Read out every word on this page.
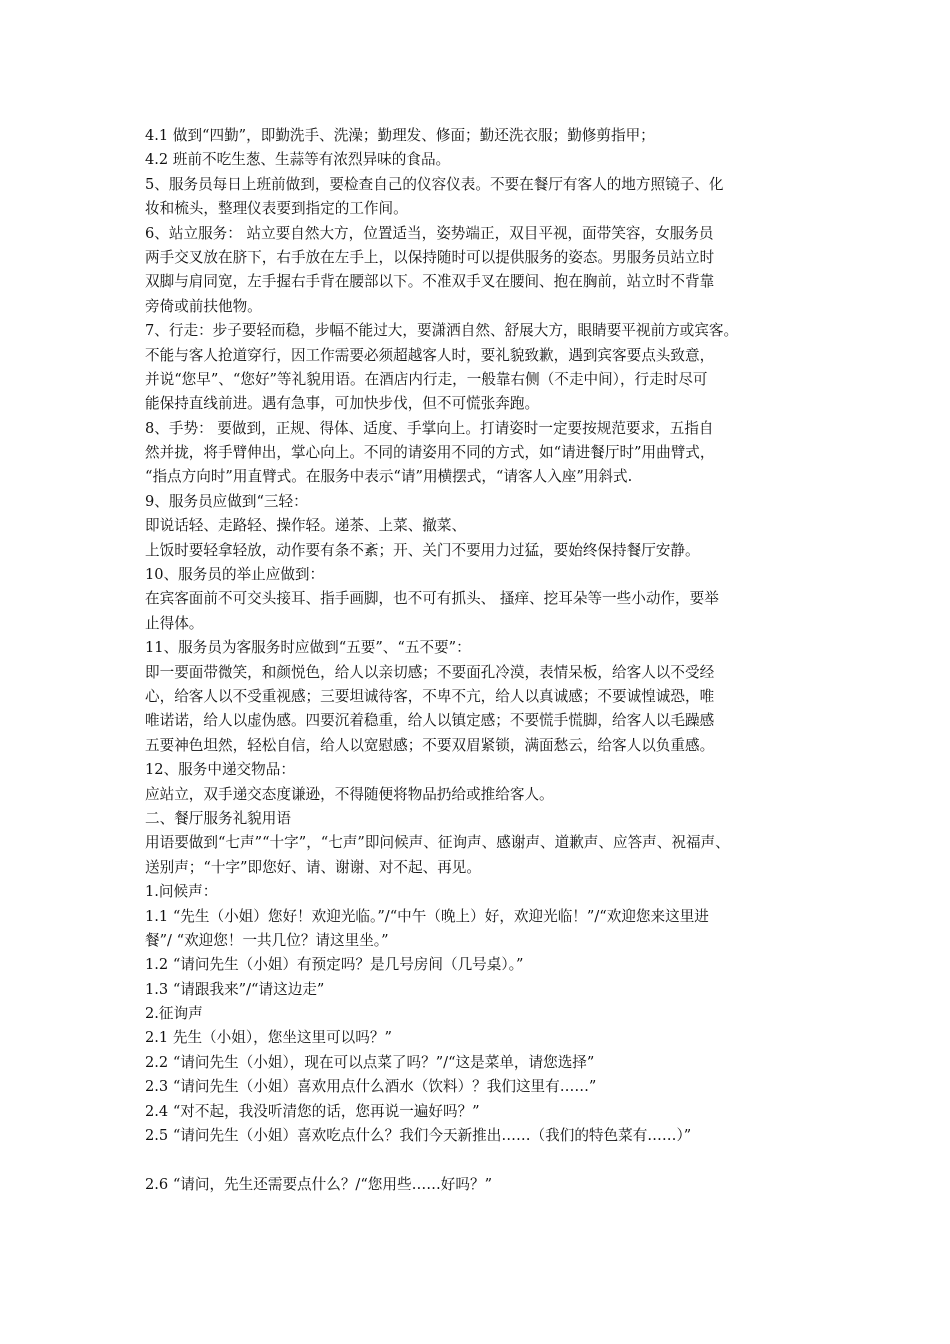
4.1 做到“四勤”，即勤洗手、洗澡；勤理发、修面；勤还洗衣服；勤修剪指甲；
4.2 班前不吃生葱、生蒜等有浓烈异味的食品。
5、服务员每日上班前做到，要检查自己的仪容仪表。不要在餐厅有客人的地方照镜子、化
妆和梳头，整理仪表要到指定的工作间。
6、站立服务： 站立要自然大方，位置适当，姿势端正，双目平视，面带笑容，女服务员
两手交叉放在脐下，右手放在左手上，以保持随时可以提供服务的姿态。男服务员站立时
双脚与肩同宽，左手握右手背在腰部以下。不准双手叉在腰间、抱在胸前，站立时不背靠
旁倚或前扶他物。
7、行走：步子要轻而稳，步幅不能过大，要潇洒自然、舒展大方，眼睛要平视前方或宾客。
不能与客人抢道穿行，因工作需要必须超越客人时，要礼貌致歉，遇到宾客要点头致意，
并说“您早”、“您好”等礼貌用语。在酒店内行走，一般靠右侧（不走中间），行走时尽可
能保持直线前进。遇有急事，可加快步伐，但不可慌张奔跑。
8、手势： 要做到，正规、得体、适度、手掌向上。打请姿时一定要按规范要求，五指自
然并拢，将手臂伸出，掌心向上。不同的请姿用不同的方式，如“请进餐厅时”用曲臂式，
“指点方向时”用直臂式。在服务中表示“请”用横摆式，“请客人入座”用斜式.
9、服务员应做到“三轻：
即说话轻、走路轻、操作轻。递茶、上菜、撤菜、
上饭时要轻拿轻放，动作要有条不紊；开、关门不要用力过猛，要始终保持餐厅安静。
10、服务员的举止应做到：
在宾客面前不可交头接耳、指手画脚，也不可有抓头、 搔痒、挖耳朵等一些小动作，要举
止得体。
11、服务员为客服务时应做到“五要”、“五不要”：
即一要面带微笑，和颜悦色，给人以亲切感；不要面孔冷漠，表情呆板，给客人以不受经
心，给客人以不受重视感；三要坦诚待客，不卑不亢，给人以真诚感；不要诚惶诚恐，唯
唯诺诺，给人以虚伪感。四要沉着稳重，给人以镇定感；不要慌手慌脚，给客人以毛躁感
五要神色坦然，轻松自信，给人以宽慰感；不要双眉紧锁，满面愁云，给客人以负重感。
12、服务中递交物品：
应站立，双手递交态度谦逊，不得随便将物品扔给或推给客人。
二、餐厅服务礼貌用语
用语要做到“七声”“十字”，“七声”即问候声、征询声、感谢声、道歉声、应答声、祝福声、
送别声；“十字”即您好、请、谢谢、对不起、再见。
1.问候声：
1.1 “先生（小姐）您好！欢迎光临。”/“中午（晚上）好，欢迎光临！”/“欢迎您来这里进
餐”/ “欢迎您！一共几位？请这里坐。”
1.2 “请问先生（小姐）有预定吗？是几号房间（几号桌）。”
1.3 “请跟我来”/“请这边走”
2.征询声
2.1 先生（小姐），您坐这里可以吗？”
2.2 “请问先生（小姐），现在可以点菜了吗？”/“这是菜单，请您选择”
2.3 “请问先生（小姐）喜欢用点什么酒水（饮料）？我们这里有……”
2.4 “对不起，我没听清您的话，您再说一遍好吗？”
2.5 “请问先生（小姐）喜欢吃点什么？我们今天新推出……（我们的特色菜有……）”
2.6 “请问，先生还需要点什么？/“您用些……好吗？”
